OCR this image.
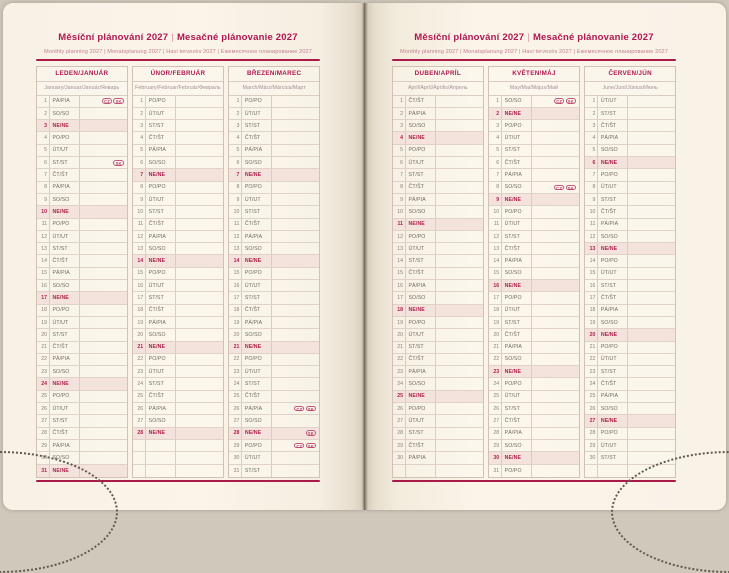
Měsíční plánování 2027 | Mesačné plánovanie 2027
Monthly planning 2027 | Monatsplanung 2027 | Havi tervezés 2027 | Ежемесячное планирование 2027
LEDEN/JANUÁR
January/Januar/Január/Январь
1	PÁ/PIA	CZ	SK
2	SO/SO
3	NE/NE
4	PO/PO
5	ÚT/UT
6	ST/ST	SK
7	ČT/ŠT
8	PÁ/PIA
9	SO/SO
10	NE/NE
11	PO/PO
12	ÚT/UT
13	ST/ST
14	ČT/ŠT
15	PÁ/PIA
16	SO/SO
17	NE/NE
18	PO/PO
19	ÚT/UT
20	ST/ST
21	ČT/ŠT
22	PÁ/PIA
23	SO/SO
24	NE/NE
25	PO/PO
26	ÚT/UT
27	ST/ST
28	ČT/ŠT
29	PÁ/PIA
30	SO/SO
31	NE/NE
ÚNOR/FEBRUÁR
February/Februar/Február/Февраль
1	PO/PO
2	ÚT/UT
3	ST/ST
4	ČT/ŠT
5	PÁ/PIA
6	SO/SO
7	NE/NE
8	PO/PO
9	ÚT/UT
10	ST/ST
11	ČT/ŠT
12	PÁ/PIA
13	SO/SO
14	NE/NE
15	PO/PO
16	ÚT/UT
17	ST/ST
18	ČT/ŠT
19	PÁ/PIA
20	SO/SO
21	NE/NE
22	PO/PO
23	ÚT/UT
24	ST/ST
25	ČT/ŠT
26	PÁ/PIA
27	SO/SO
28	NE/NE
BŘEZEN/MAREC
March/März/Március/Март
1	PO/PO
2	ÚT/UT
3	ST/ST
4	ČT/ŠT
5	PÁ/PIA
6	SO/SO
7	NE/NE
8	PO/PO
9	ÚT/UT
10	ST/ST
11	ČT/ŠT
12	PÁ/PIA
13	SO/SO
14	NE/NE
15	PO/PO
16	ÚT/UT
17	ST/ST
18	ČT/ŠT
19	PÁ/PIA
20	SO/SO
21	NE/NE
22	PO/PO
23	ÚT/UT
24	ST/ST
25	ČT/ŠT
26	PÁ/PIA	CZ	SK
27	SO/SO
28	NE/NE	SK
29	PO/PO	CZ	SK
30	ÚT/UT
31	ST/ST
Měsíční plánování 2027 | Mesačné plánovanie 2027
Monthly planning 2027 | Monatsplanung 2027 | Havi tervezés 2027 | Ежемесячное планирование 2027
DUBEN/APRÍL
April/Apríl/Április/Апрель
1	ČT/ŠT
2	PÁ/PIA
3	SO/SO
4	NE/NE
5	PO/PO
6	ÚT/UT
7	ST/ST
8	ČT/ŠT
9	PÁ/PIA
10	SO/SO
11	NE/NE
12	PO/PO
13	ÚT/UT
14	ST/ST
15	ČT/ŠT
16	PÁ/PIA
17	SO/SO
18	NE/NE
19	PO/PO
20	ÚT/UT
21	ST/ST
22	ČT/ŠT
23	PÁ/PIA
24	SO/SO
25	NE/NE
26	PO/PO
27	ÚT/UT
28	ST/ST
29	ČT/ŠT
30	PÁ/PIA
KVĚTEN/MÁJ
May/Mai/Május/Май
1	SO/SO	CZ	SK
2	NE/NE
3	PO/PO
4	ÚT/UT
5	ST/ST
6	ČT/ŠT
7	PÁ/PIA
8	SO/SO	CZ	SK
9	NE/NE
10	PO/PO
11	ÚT/UT
12	ST/ST
13	ČT/ŠT
14	PÁ/PIA
15	SO/SO
16	NE/NE
17	PO/PO
18	ÚT/UT
19	ST/ST
20	ČT/ŠT
21	PÁ/PIA
22	SO/SO
23	NE/NE
24	PO/PO
25	ÚT/UT
26	ST/ST
27	ČT/ŠT
28	PÁ/PIA
29	SO/SO
30	NE/NE
31	PO/PO
ČERVEN/JÚN
June/Juni/Június/Июнь
1	ÚT/UT
2	ST/ST
3	ČT/ŠT
4	PÁ/PIA
5	SO/SO
6	NE/NE
7	PO/PO
8	ÚT/UT
9	ST/ST
10	ČT/ŠT
11	PÁ/PIA
12	SO/SO
13	NE/NE
14	PO/PO
15	ÚT/UT
16	ST/ST
17	ČT/ŠT
18	PÁ/PIA
19	SO/SO
20	NE/NE
21	PO/PO
22	ÚT/UT
23	ST/ST
24	ČT/ŠT
25	PÁ/PIA
26	SO/SO
27	NE/NE
28	PO/PO
29	ÚT/UT
30	ST/ST
